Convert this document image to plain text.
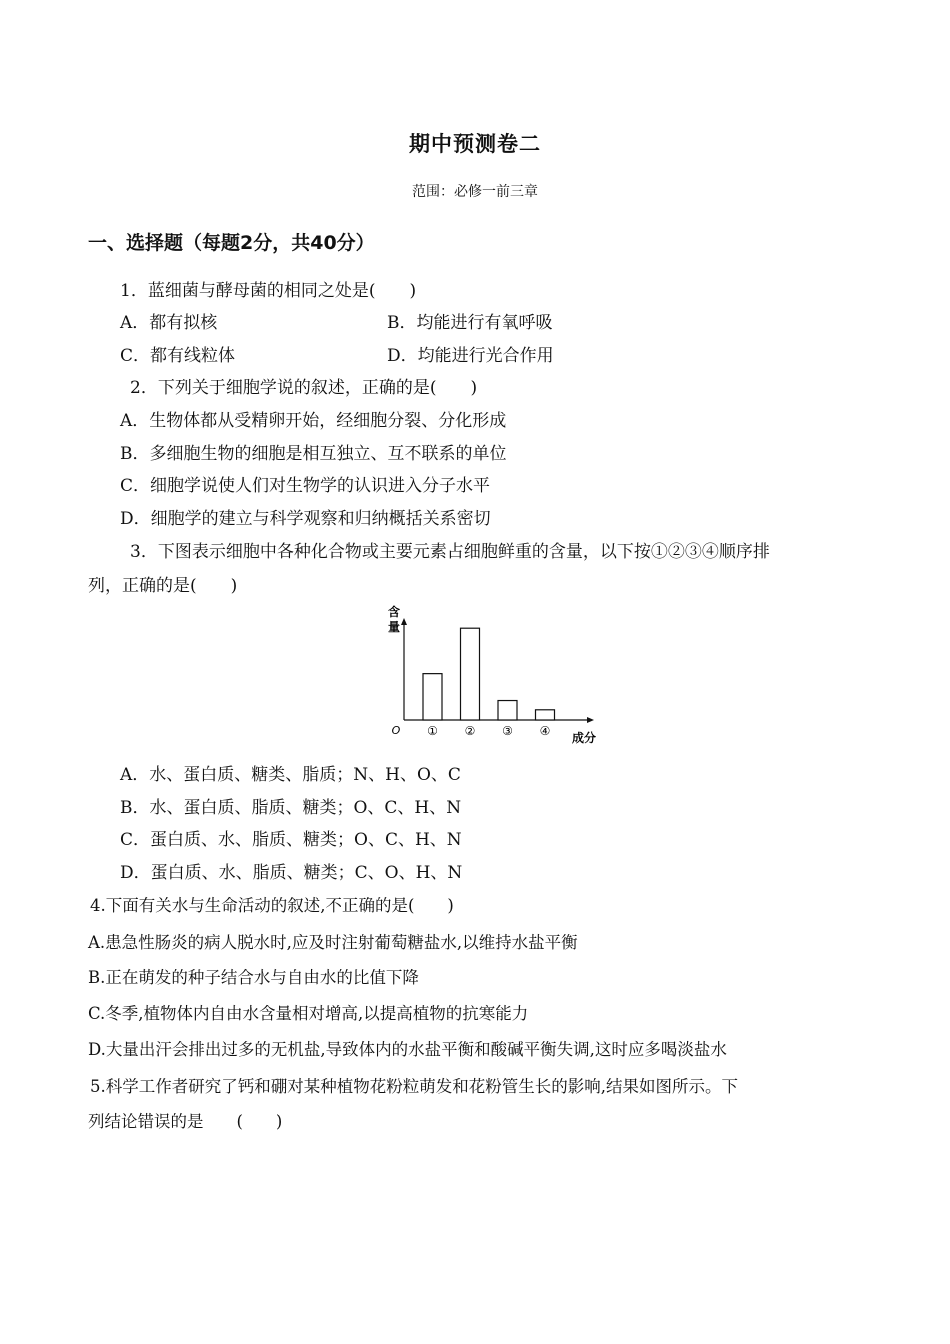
期中预测卷二
范围：必修一前三章
一、选择题（每题2分，共40分）
1．蓝细菌与酵母菌的相同之处是(　　)
A．都有拟核	B．均能进行有氧呼吸
C．都有线粒体	D．均能进行光合作用
2．下列关于细胞学说的叙述，正确的是(　　)
A．生物体都从受精卵开始，经细胞分裂、分化形成
B．多细胞生物的细胞是相互独立、互不联系的单位
C．细胞学说使人们对生物学的认识进入分子水平
D．细胞学的建立与科学观察和归纳概括关系密切
3．下图表示细胞中各种化合物或主要元素占细胞鲜重的含量，以下按①②③④顺序排
列，正确的是(　　)
含
量
O
成分
① ② ③ ④
A．水、蛋白质、糖类、脂质；N、H、O、C
B．水、蛋白质、脂质、糖类；O、C、H、N
C．蛋白质、水、脂质、糖类；O、C、H、N
D．蛋白质、水、脂质、糖类；C、O、H、N
4.下面有关水与生命活动的叙述,不正确的是(　　)
A.患急性肠炎的病人脱水时,应及时注射葡萄糖盐水,以维持水盐平衡
B.正在萌发的种子结合水与自由水的比值下降
C.冬季,植物体内自由水含量相对增高,以提高植物的抗寒能力
D.大量出汗会排出过多的无机盐,导致体内的水盐平衡和酸碱平衡失调,这时应多喝淡盐水
5.科学工作者研究了钙和硼对某种植物花粉粒萌发和花粉管生长的影响,结果如图所示。下
列结论错误的是　　(　　)
